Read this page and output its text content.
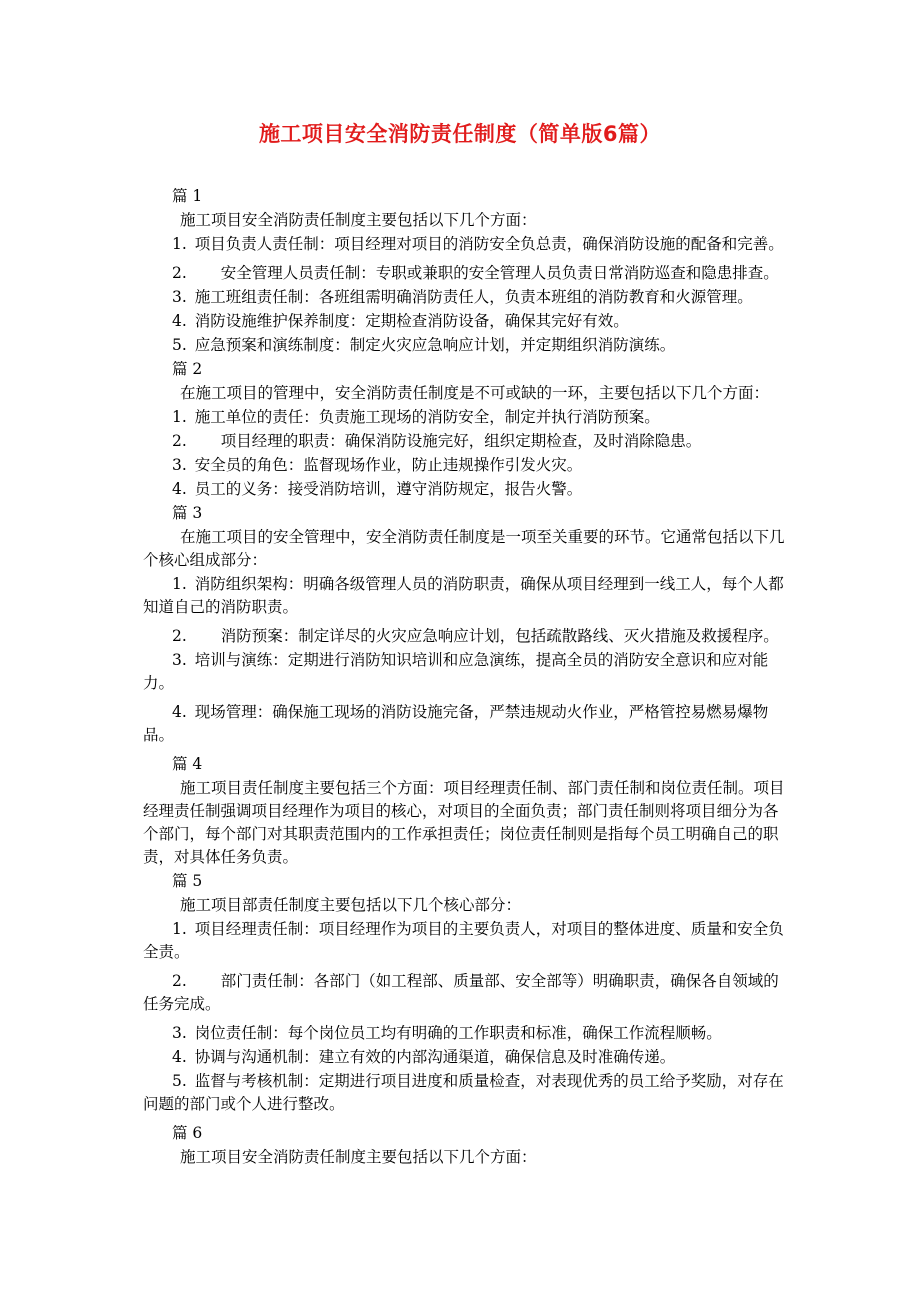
施工项目安全消防责任制度（简单版6篇）
篇 1
施工项目安全消防责任制度主要包括以下几个方面：
1. 项目负责人责任制：项目经理对项目的消防安全负总责，确保消防设施的配备和完善。
2. 安全管理人员责任制：专职或兼职的安全管理人员负责日常消防巡查和隐患排查。
3. 施工班组责任制：各班组需明确消防责任人，负责本班组的消防教育和火源管理。
4. 消防设施维护保养制度：定期检查消防设备，确保其完好有效。
5. 应急预案和演练制度：制定火灾应急响应计划，并定期组织消防演练。
篇 2
在施工项目的管理中，安全消防责任制度是不可或缺的一环，主要包括以下几个方面：
1. 施工单位的责任：负责施工现场的消防安全，制定并执行消防预案。
2. 项目经理的职责：确保消防设施完好，组织定期检查，及时消除隐患。
3. 安全员的角色：监督现场作业，防止违规操作引发火灾。
4. 员工的义务：接受消防培训，遵守消防规定，报告火警。
篇 3
在施工项目的安全管理中，安全消防责任制度是一项至关重要的环节。它通常包括以下几个核心组成部分：
1. 消防组织架构：明确各级管理人员的消防职责，确保从项目经理到一线工人，每个人都知道自己的消防职责。
2. 消防预案：制定详尽的火灾应急响应计划，包括疏散路线、灭火措施及救援程序。
3. 培训与演练：定期进行消防知识培训和应急演练，提高全员的消防安全意识和应对能力。
4. 现场管理：确保施工现场的消防设施完备，严禁违规动火作业，严格管控易燃易爆物品。
篇 4
施工项目责任制度主要包括三个方面：项目经理责任制、部门责任制和岗位责任制。项目经理责任制强调项目经理作为项目的核心，对项目的全面负责；部门责任制则将项目细分为各个部门，每个部门对其职责范围内的工作承担责任；岗位责任制则是指每个员工明确自己的职责，对具体任务负责。
篇 5
施工项目部责任制度主要包括以下几个核心部分：
1. 项目经理责任制：项目经理作为项目的主要负责人，对项目的整体进度、质量和安全负全责。
2. 部门责任制：各部门（如工程部、质量部、安全部等）明确职责，确保各自领域的任务完成。
3. 岗位责任制：每个岗位员工均有明确的工作职责和标准，确保工作流程顺畅。
4. 协调与沟通机制：建立有效的内部沟通渠道，确保信息及时准确传递。
5. 监督与考核机制：定期进行项目进度和质量检查，对表现优秀的员工给予奖励，对存在问题的部门或个人进行整改。
篇 6
施工项目安全消防责任制度主要包括以下几个方面：
